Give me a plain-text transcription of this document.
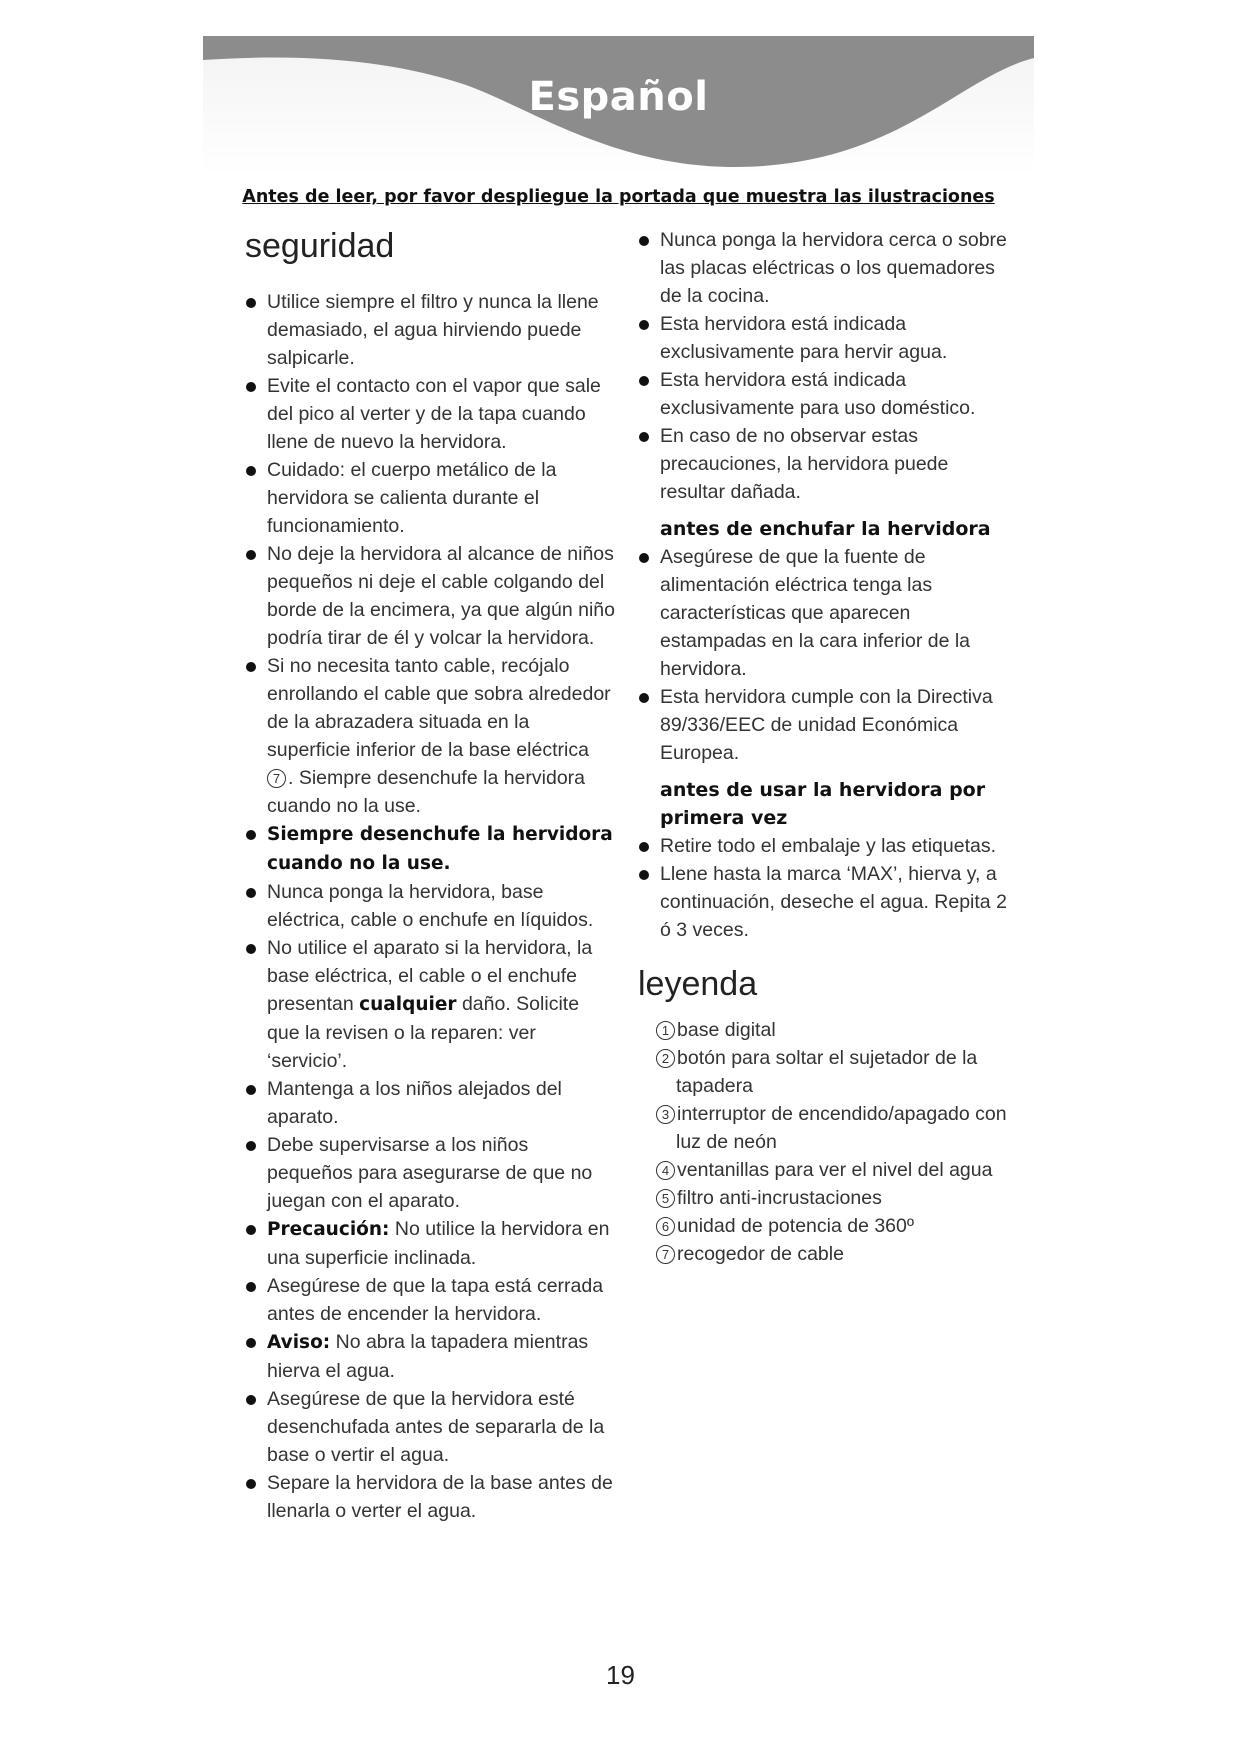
Español
Antes de leer, por favor despliegue la portada que muestra las ilustraciones
seguridad
Utilice siempre el filtro y nunca la llene demasiado, el agua hirviendo puede salpicarle.
Evite el contacto con el vapor que sale del pico al verter y de la tapa cuando llene de nuevo la hervidora.
Cuidado: el cuerpo metálico de la hervidora se calienta durante el funcionamiento.
No deje la hervidora al alcance de niños pequeños ni deje el cable colgando del borde de la encimera, ya que algún niño podría tirar de él y volcar la hervidora.
Si no necesita tanto cable, recójalo enrollando el cable que sobra alrededor de la abrazadera situada en la superficie inferior de la base eléctrica 7 . Siempre desenchufe la hervidora cuando no la use.
Siempre desenchufe la hervidora cuando no la use.
Nunca ponga la hervidora, base eléctrica, cable o enchufe en líquidos.
No utilice el aparato si la hervidora, la base eléctrica, el cable o el enchufe presentan cualquier daño. Solicite que la revisen o la reparen: ver ‘servicio’.
Mantenga a los niños alejados del aparato.
Debe supervisarse a los niños pequeños para asegurarse de que no juegan con el aparato.
Precaución: No utilice la hervidora en una superficie inclinada.
Asegúrese de que la tapa está cerrada antes de encender la hervidora.
Aviso: No abra la tapadera mientras hierva el agua.
Asegúrese de que la hervidora esté desenchufada antes de separarla de la base o vertir el agua.
Separe la hervidora de la base antes de llenarla o verter el agua.
Nunca ponga la hervidora cerca o sobre las placas eléctricas o los quemadores de la cocina.
Esta hervidora está indicada exclusivamente para hervir agua.
Esta hervidora está indicada exclusivamente para uso doméstico.
En caso de no observar estas precauciones, la hervidora puede resultar dañada.
antes de enchufar la hervidora
Asegúrese de que la fuente de alimentación eléctrica tenga las características que aparecen estampadas en la cara inferior de la hervidora.
Esta hervidora cumple con la Directiva 89/336/EEC de unidad Económica Europea.
antes de usar la hervidora por primera vez
Retire todo el embalaje y las etiquetas.
Llene hasta la marca ‘MAX’, hierva y, a continuación, deseche el agua. Repita 2 ó 3 veces.
leyenda
1 base digital
2 botón para soltar el sujetador de la tapadera
3 interruptor de encendido/apagado con luz de neón
4 ventanillas para ver el nivel del agua
5 filtro anti-incrustaciones
6 unidad de potencia de 360º
7 recogedor de cable
19
